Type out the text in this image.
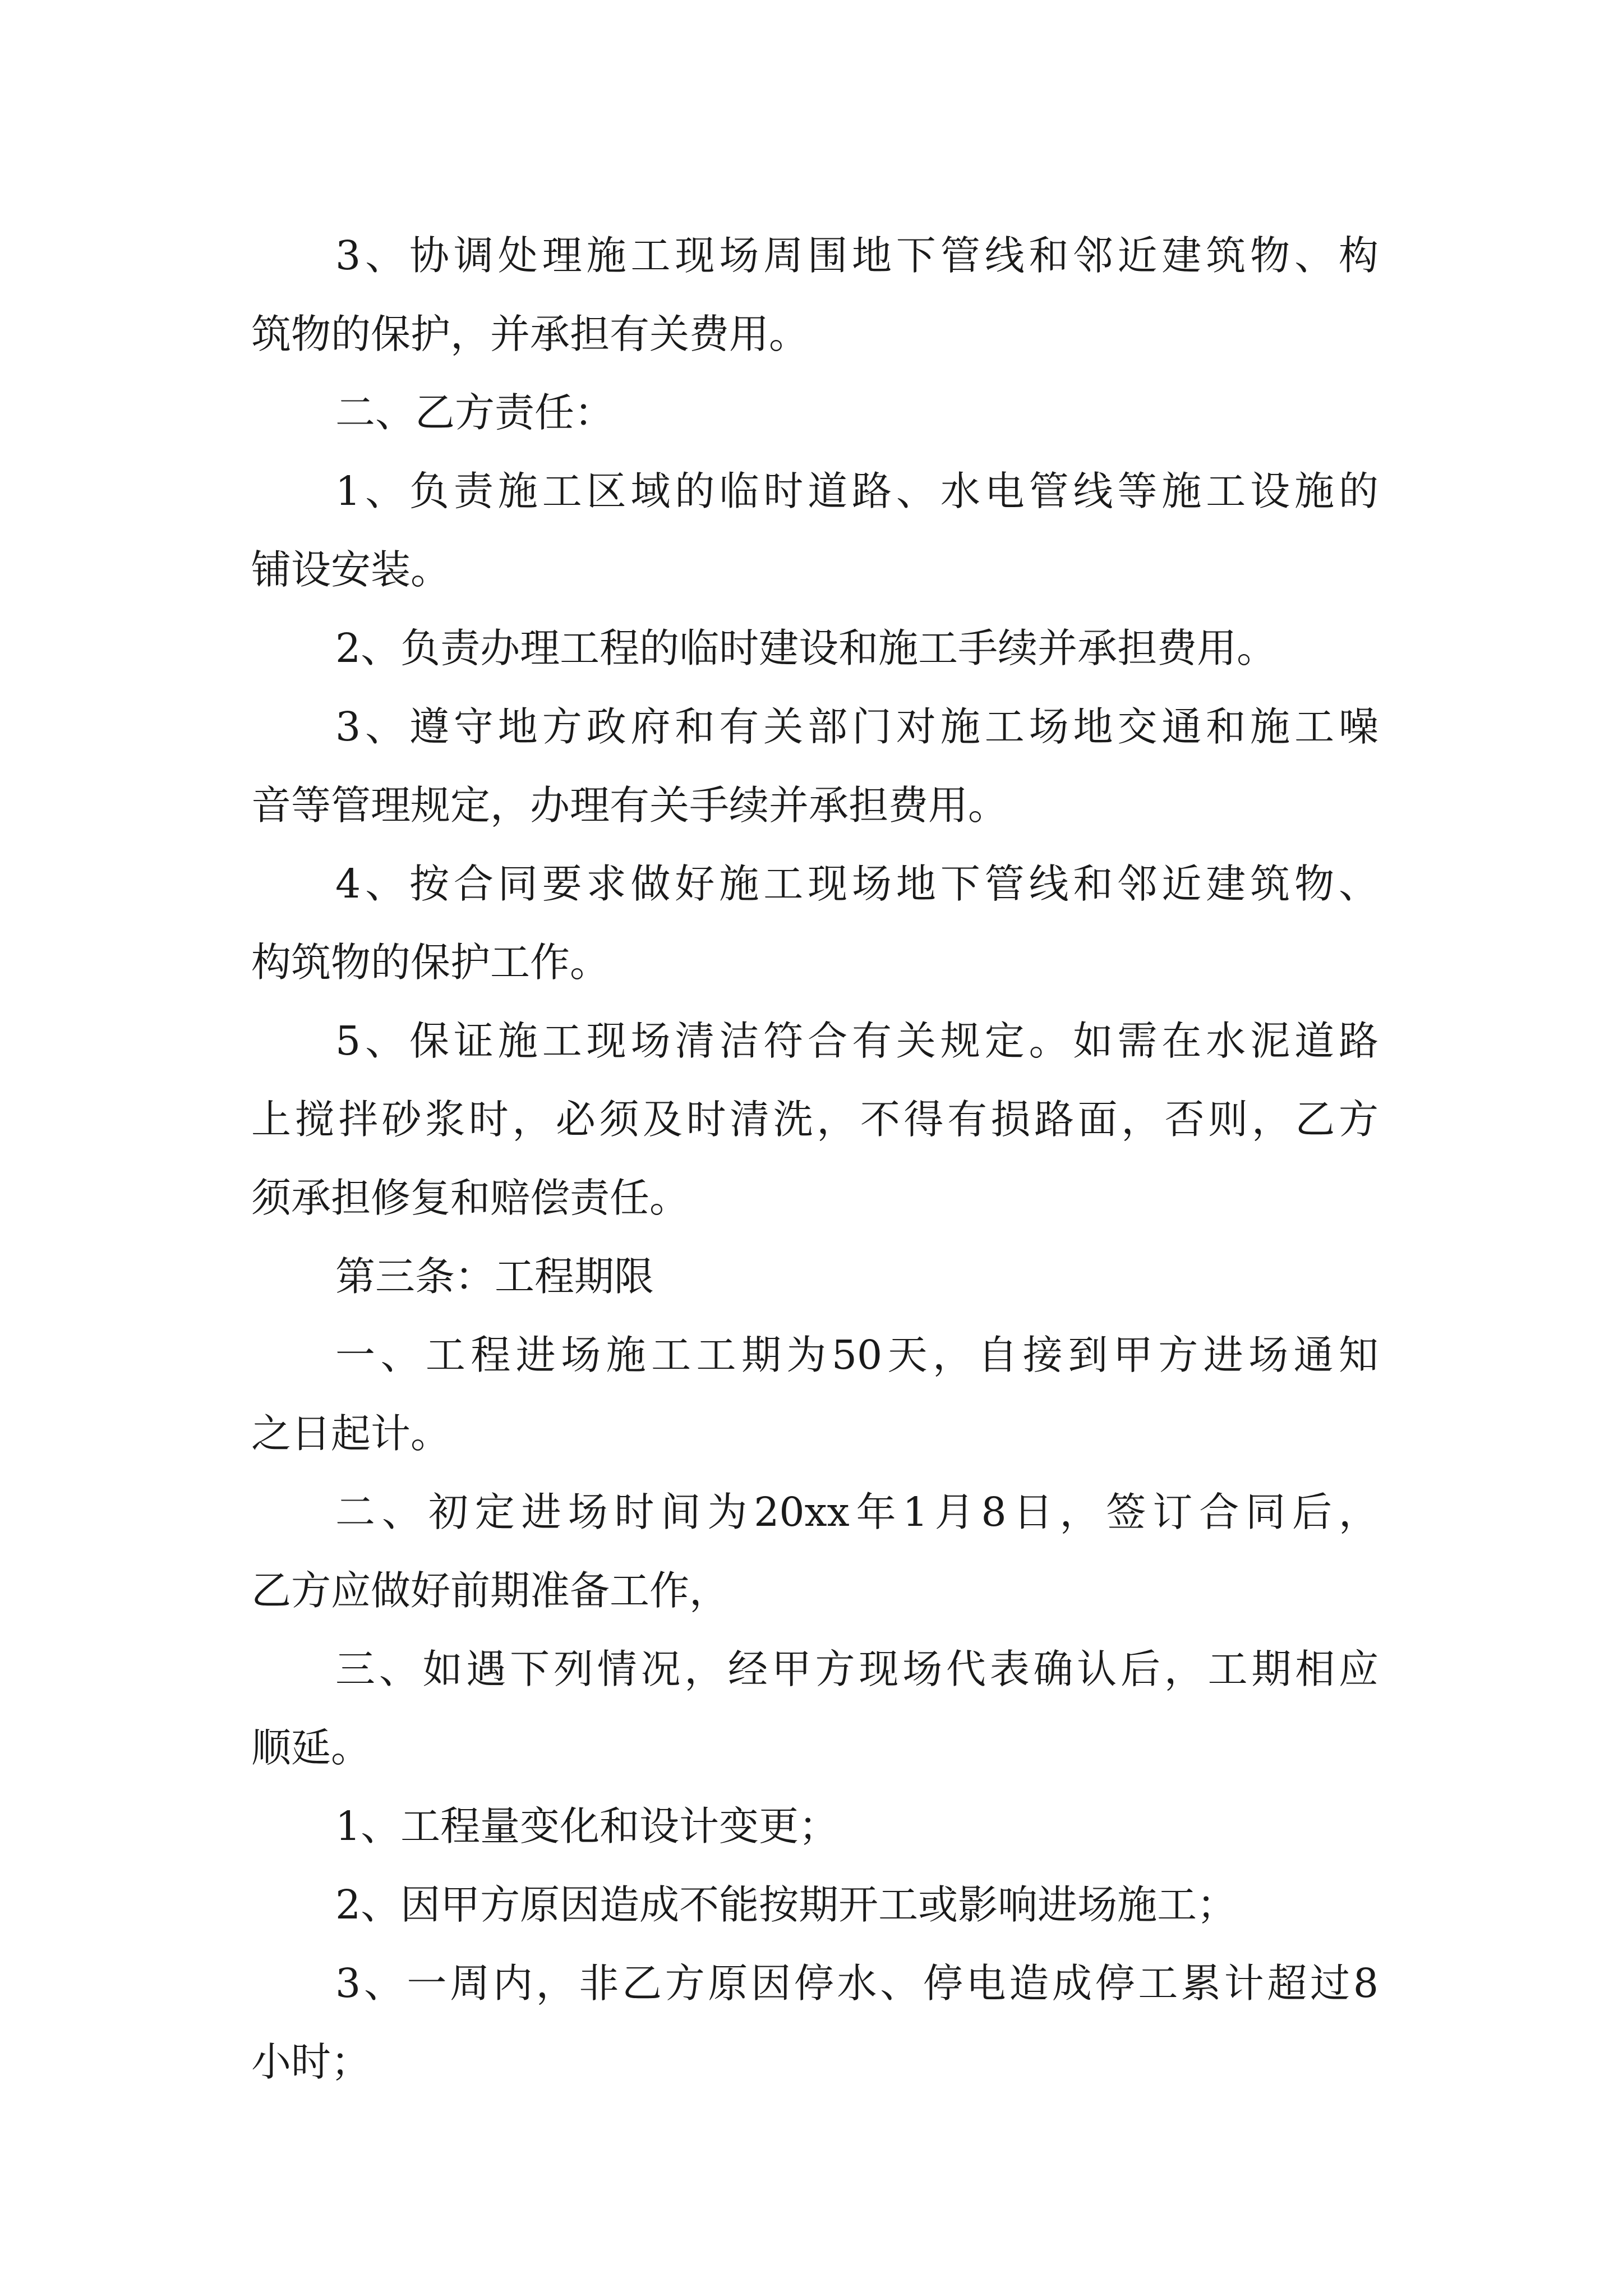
3、协调处理施工现场周围地下管线和邻近建筑物、构
筑物的保护，并承担有关费用。
二、乙方责任：
1、负责施工区域的临时道路、水电管线等施工设施的
铺设安装。
2、负责办理工程的临时建设和施工手续并承担费用。
3、遵守地方政府和有关部门对施工场地交通和施工噪
音等管理规定，办理有关手续并承担费用。
4、按合同要求做好施工现场地下管线和邻近建筑物、
构筑物的保护工作。
5、保证施工现场清洁符合有关规定。如需在水泥道路
上搅拌砂浆时，必须及时清洗，不得有损路面，否则，乙方
须承担修复和赔偿责任。
第三条：工程期限
一、工程进场施工工期为50天，自接到甲方进场通知
之日起计。
二、初定进场时间为20xx年1月8日，签订合同后，
乙方应做好前期准备工作，
三、如遇下列情况，经甲方现场代表确认后，工期相应
顺延。
1、工程量变化和设计变更；
2、因甲方原因造成不能按期开工或影响进场施工；
3、一周内，非乙方原因停水、停电造成停工累计超过8
小时；
